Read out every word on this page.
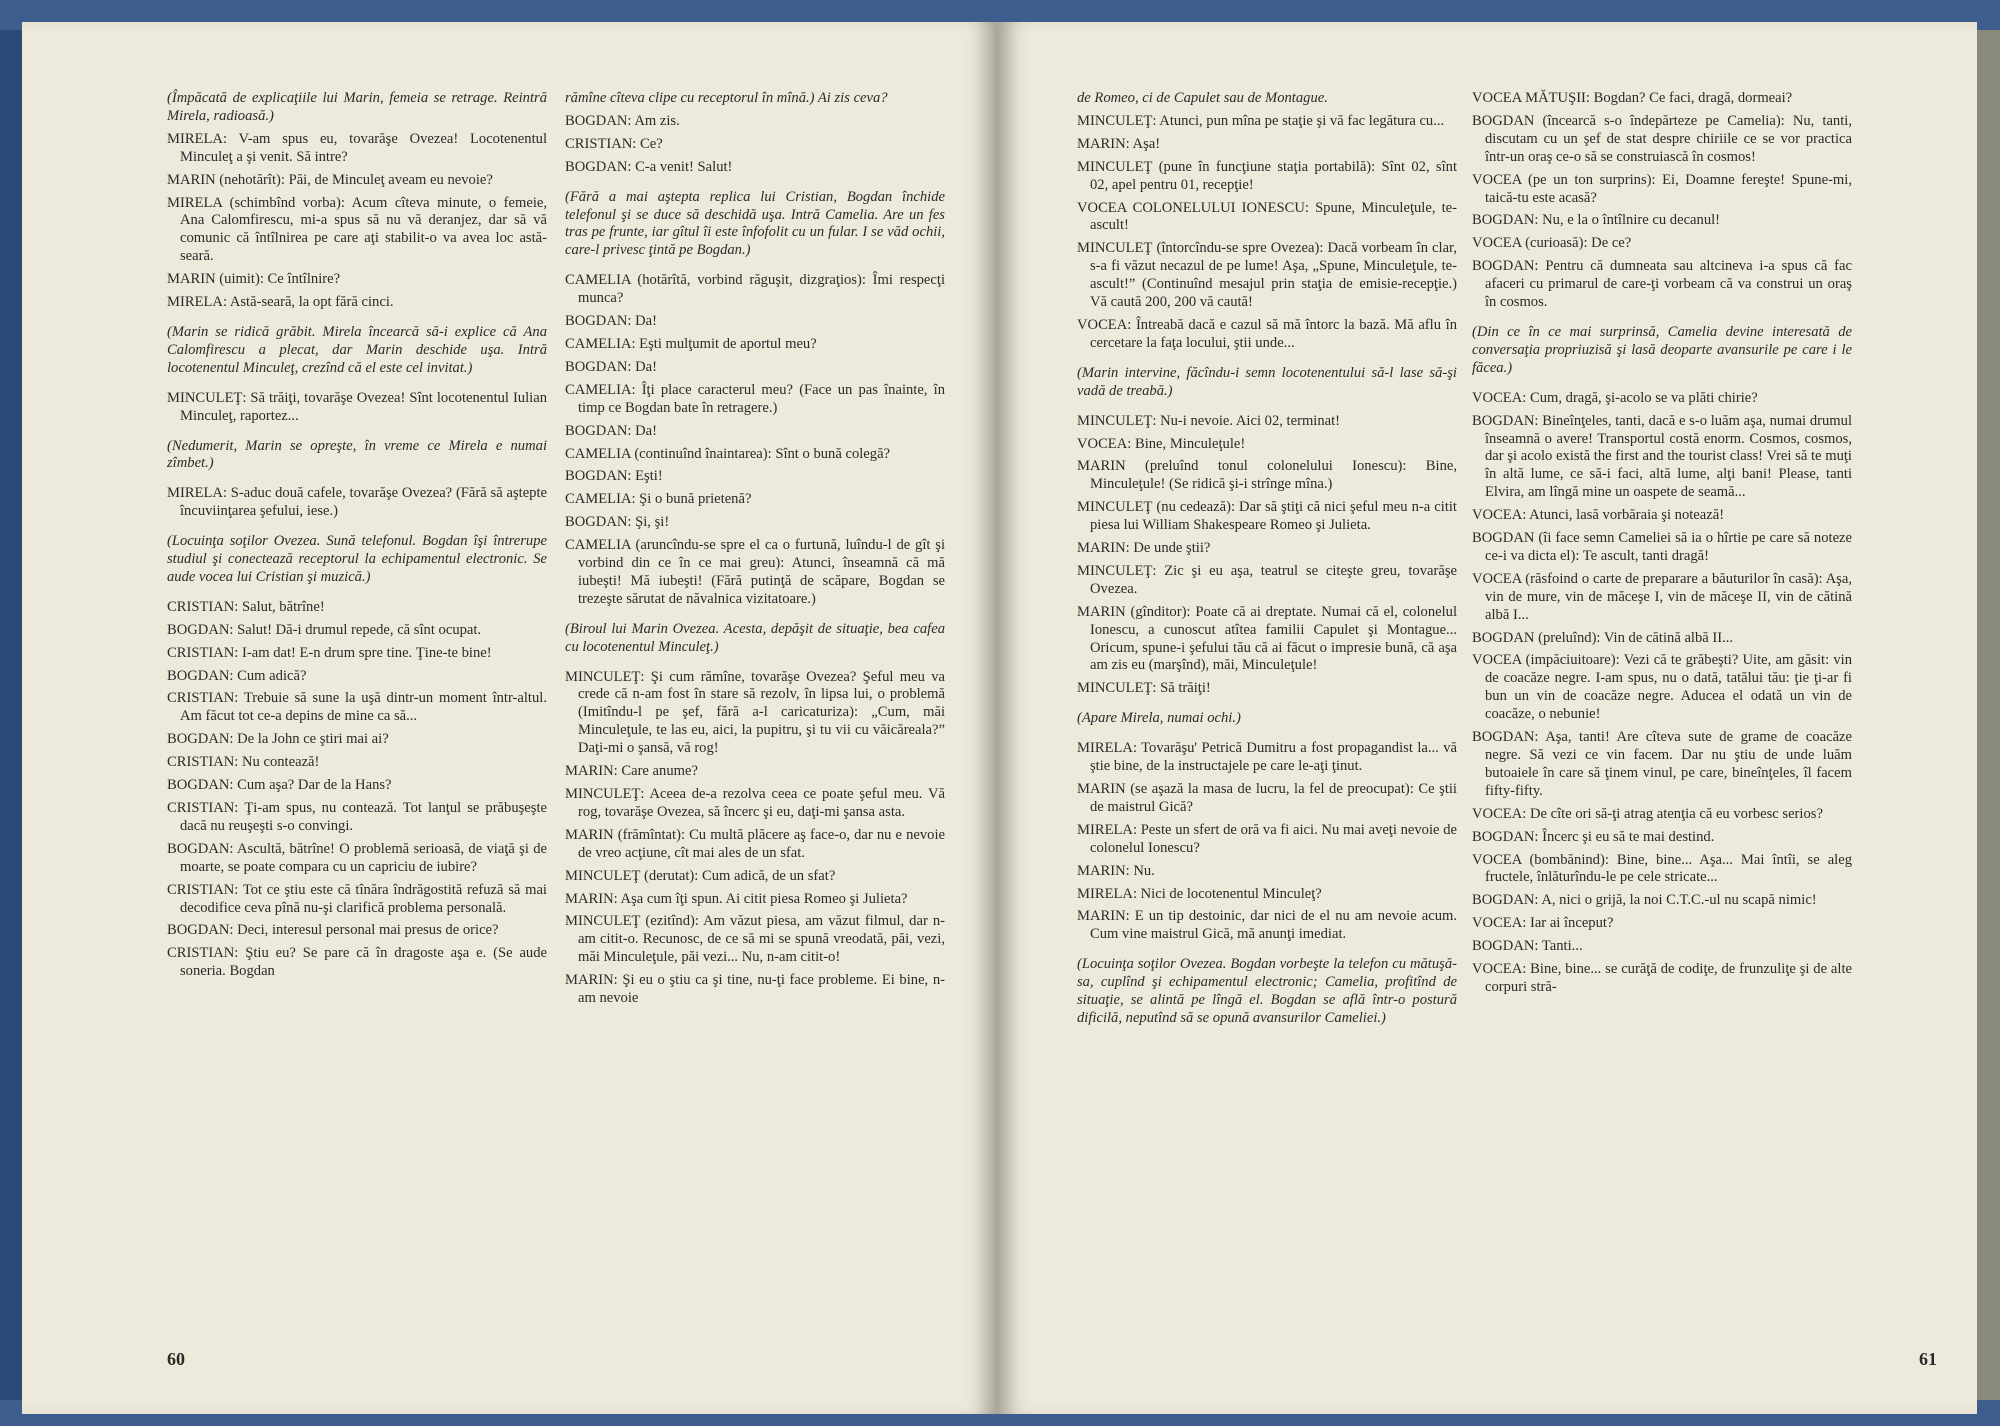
(Împăcată de explicaţiile lui Marin, femeia se retrage. Reintră Mirela, radioasă.)

MIRELA: V-am spus eu, tovarăşe Ovezea! Locotenentul Minculeţ a şi venit. Să intre?

MARIN (nehotărît): Păi, de Minculeţ aveam eu nevoie?

MIRELA (schimbînd vorba): Acum cîteva minute, o femeie, Ana Calomfirescu, mi-a spus să nu vă deranjez, dar să vă comunic că întîlnirea pe care aţi stabilit-o va avea loc astă-seară.

MARIN (uimit): Ce întîlnire?

MIRELA: Astă-seară, la opt fără cinci.

(Marin se ridică grăbit. Mirela încearcă să-i explice că Ana Calomfirescu a plecat, dar Marin deschide uşa. Intră locotenentul Minculeţ, crezînd că el este cel invitat.)

MINCULEŢ: Să trăiţi, tovarăşe Ovezea! Sînt locotenentul Iulian Minculeţ, raportez...

(Nedumerit, Marin se opreşte, în vreme ce Mirela e numai zîmbet.)

MIRELA: S-aduc două cafele, tovarăşe Ovezea? (Fără să aştepte încuviinţarea şefului, iese.)

(Locuinţa soţilor Ovezea. Sună telefonul. Bogdan îşi întrerupe studiul şi conectează receptorul la echipamentul electronic. Se aude vocea lui Cristian şi muzică.)

CRISTIAN: Salut, bătrîne!

BOGDAN: Salut! Dă-i drumul repede, că sînt ocupat.

CRISTIAN: I-am dat! E-n drum spre tine. Ţine-te bine!

BOGDAN: Cum adică?

CRISTIAN: Trebuie să sune la uşă dintr-un moment într-altul. Am făcut tot ce-a depins de mine ca să...

BOGDAN: De la John ce ştiri mai ai?

CRISTIAN: Nu contează!

BOGDAN: Cum aşa? Dar de la Hans?

CRISTIAN: Ţi-am spus, nu contează. Tot lanţul se prăbuşeşte dacă nu reuşeşti s-o convingi.

BOGDAN: Ascultă, bătrîne! O problemă serioasă, de viaţă şi de moarte, se poate compara cu un capriciu de iubire?

CRISTIAN: Tot ce ştiu este că tînăra îndrăgostită refuză să mai decodifice ceva pînă nu-şi clarifică problema personală.

BOGDAN: Deci, interesul personal mai presus de orice?

CRISTIAN: Ştiu eu? Se pare că în dragoste aşa e. (Se aude soneria. Bogdan

rămîne cîteva clipe cu receptorul în mînă.) Ai zis ceva?

BOGDAN: Am zis.

CRISTIAN: Ce?

BOGDAN: C-a venit! Salut!

(Fără a mai aştepta replica lui Cristian, Bogdan închide telefonul şi se duce să deschidă uşa. Intră Camelia. Are un fes tras pe frunte, iar gîtul îi este înfofolit cu un fular. I se văd ochii, care-l privesc ţintă pe Bogdan.)

CAMELIA (hotărîtă, vorbind răguşit, dizgraţios): Îmi respecţi munca?

BOGDAN: Da!

CAMELIA: Eşti mulţumit de aportul meu?

BOGDAN: Da!

CAMELIA: Îţi place caracterul meu? (Face un pas înainte, în timp ce Bogdan bate în retragere.)

BOGDAN: Da!

CAMELIA (continuînd înaintarea): Sînt o bună colegă?

BOGDAN: Eşti!

CAMELIA: Şi o bună prietenă?

BOGDAN: Şi, şi!

CAMELIA (aruncîndu-se spre el ca o furtună, luîndu-l de gît şi vorbind din ce în ce mai greu): Atunci, înseamnă că mă iubeşti! Mă iubeşti! (Fără putinţă de scăpare, Bogdan se trezeşte sărutat de năvalnica vizitatoare.)

(Biroul lui Marin Ovezea. Acesta, depăşit de situaţie, bea cafea cu locotenentul Minculeţ.)

MINCULEŢ: Şi cum rămîne, tovarăşe Ovezea? Şeful meu va crede că n-am fost în stare să rezolv, în lipsa lui, o problemă (Imitîndu-l pe şef, fără a-l caricaturiza): „Cum, măi Minculeţule, te las eu, aici, la pupitru, şi tu vii cu văicăreala?” Daţi-mi o şansă, vă rog!

MARIN: Care anume?

MINCULEŢ: Aceea de-a rezolva ceea ce poate şeful meu. Vă rog, tovarăşe Ovezea, să încerc şi eu, daţi-mi şansa asta.

MARIN (frămîntat): Cu multă plăcere aş face-o, dar nu e nevoie de vreo acţiune, cît mai ales de un sfat.

MINCULEŢ (derutat): Cum adică, de un sfat?

MARIN: Aşa cum îţi spun. Ai citit piesa Romeo şi Julieta?

MINCULEŢ (ezitînd): Am văzut piesa, am văzut filmul, dar n-am citit-o. Recunosc, de ce să mi se spună vreodată, păi, vezi, măi Minculeţule, păi vezi... Nu, n-am citit-o!

MARIN: Şi eu o ştiu ca şi tine, nu-ţi face probleme. Ei bine, n-am nevoie

60

de Romeo, ci de Capulet sau de Montague.

MINCULEŢ: Atunci, pun mîna pe staţie şi vă fac legătura cu...

MARIN: Aşa!

MINCULEŢ (pune în funcţiune staţia portabilă): Sînt 02, sînt 02, apel pentru 01, recepţie!

VOCEA COLONELULUI IONESCU: Spune, Minculeţule, te-ascult!

MINCULEŢ (întorcîndu-se spre Ovezea): Dacă vorbeam în clar, s-a fi văzut necazul de pe lume! Aşa, „Spune, Minculeţule, te-ascult!” (Continuînd mesajul prin staţia de emisie-recepţie.) Vă caută 200, 200 vă caută!

VOCEA: Întreabă dacă e cazul să mă întorc la bază. Mă aflu în cercetare la faţa locului, ştii unde...

(Marin intervine, făcîndu-i semn locotenentului să-l lase să-şi vadă de treabă.)

MINCULEŢ: Nu-i nevoie. Aici 02, terminat!

VOCEA: Bine, Minculeţule!

MARIN (preluînd tonul colonelului Ionescu): Bine, Minculeţule! (Se ridică şi-i strînge mîna.)

MINCULEŢ (nu cedează): Dar să ştiţi că nici şeful meu n-a citit piesa lui William Shakespeare Romeo şi Julieta.

MARIN: De unde ştii?

MINCULEŢ: Zic şi eu aşa, teatrul se citeşte greu, tovarăşe Ovezea.

MARIN (gînditor): Poate că ai dreptate. Numai că el, colonelul Ionescu, a cunoscut atîtea familii Capulet şi Montague... Oricum, spune-i şefului tău că ai făcut o impresie bună, că aşa am zis eu (marşînd), măi, Minculeţule!

MINCULEŢ: Să trăiţi!

(Apare Mirela, numai ochi.)

MIRELA: Tovarăşu' Petrică Dumitru a fost propagandist la... vă ştie bine, de la instructajele pe care le-aţi ţinut.

MARIN (se aşază la masa de lucru, la fel de preocupat): Ce ştii de maistrul Gică?

MIRELA: Peste un sfert de oră va fi aici. Nu mai aveţi nevoie de colonelul Ionescu?

MARIN: Nu.

MIRELA: Nici de locotenentul Minculeţ?

MARIN: E un tip destoinic, dar nici de el nu am nevoie acum. Cum vine maistrul Gică, mă anunţi imediat.

(Locuinţa soţilor Ovezea. Bogdan vorbeşte la telefon cu mătuşă-sa, cuplînd şi echipamentul electronic; Camelia, profitînd de situaţie, se alintă pe lîngă el. Bogdan se află într-o postură dificilă, neputînd să se opună avansurilor Cameliei.)

VOCEA MĂTUŞII: Bogdan? Ce faci, dragă, dormeai?

BOGDAN (încearcă s-o îndepărteze pe Camelia): Nu, tanti, discutam cu un şef de stat despre chiriile ce se vor practica într-un oraş ce-o să se construiască în cosmos!

VOCEA (pe un ton surprins): Ei, Doamne fereşte! Spune-mi, taică-tu este acasă?

BOGDAN: Nu, e la o întîlnire cu decanul!

VOCEA (curioasă): De ce?

BOGDAN: Pentru că dumneata sau altcineva i-a spus că fac afaceri cu primarul de care-ţi vorbeam că va construi un oraş în cosmos.

(Din ce în ce mai surprinsă, Camelia devine interesată de conversaţia propriuzisă şi lasă deoparte avansurile pe care i le făcea.)

VOCEA: Cum, dragă, şi-acolo se va plăti chirie?

BOGDAN: Bineînţeles, tanti, dacă e s-o luăm aşa, numai drumul înseamnă o avere! Transportul costă enorm. Cosmos, cosmos, dar şi acolo există the first and the tourist class! Vrei să te muţi în altă lume, ce să-i faci, altă lume, alţi bani! Please, tanti Elvira, am lîngă mine un oaspete de seamă...

VOCEA: Atunci, lasă vorbăraia şi notează!

BOGDAN (îi face semn Cameliei să ia o hîrtie pe care să noteze ce-i va dicta el): Te ascult, tanti dragă!

VOCEA (răsfoind o carte de preparare a băuturilor în casă): Aşa, vin de mure, vin de măceşe I, vin de măceşe II, vin de cătină albă I...

BOGDAN (preluînd): Vin de cătină albă II...

VOCEA (impăciuitoare): Vezi că te grăbeşti? Uite, am găsit: vin de coacăze negre. I-am spus, nu o dată, tatălui tău: ţie ţi-ar fi bun un vin de coacăze negre. Aducea el odată un vin de coacăze, o nebunie!

BOGDAN: Aşa, tanti! Are cîteva sute de grame de coacăze negre. Să vezi ce vin facem. Dar nu ştiu de unde luăm butoaiele în care să ţinem vinul, pe care, bineînţeles, îl facem fifty-fifty.

VOCEA: De cîte ori să-ţi atrag atenţia că eu vorbesc serios?

BOGDAN: Încerc şi eu să te mai destind.

VOCEA (bombănind): Bine, bine... Aşa... Mai întîi, se aleg fructele, înlăturîndu-le pe cele stricate...

BOGDAN: A, nici o grijă, la noi C.T.C.-ul nu scapă nimic!

VOCEA: Iar ai început?

BOGDAN: Tanti...

VOCEA: Bine, bine... se curăţă de codiţe, de frunzuliţe şi de alte corpuri stră-

61
